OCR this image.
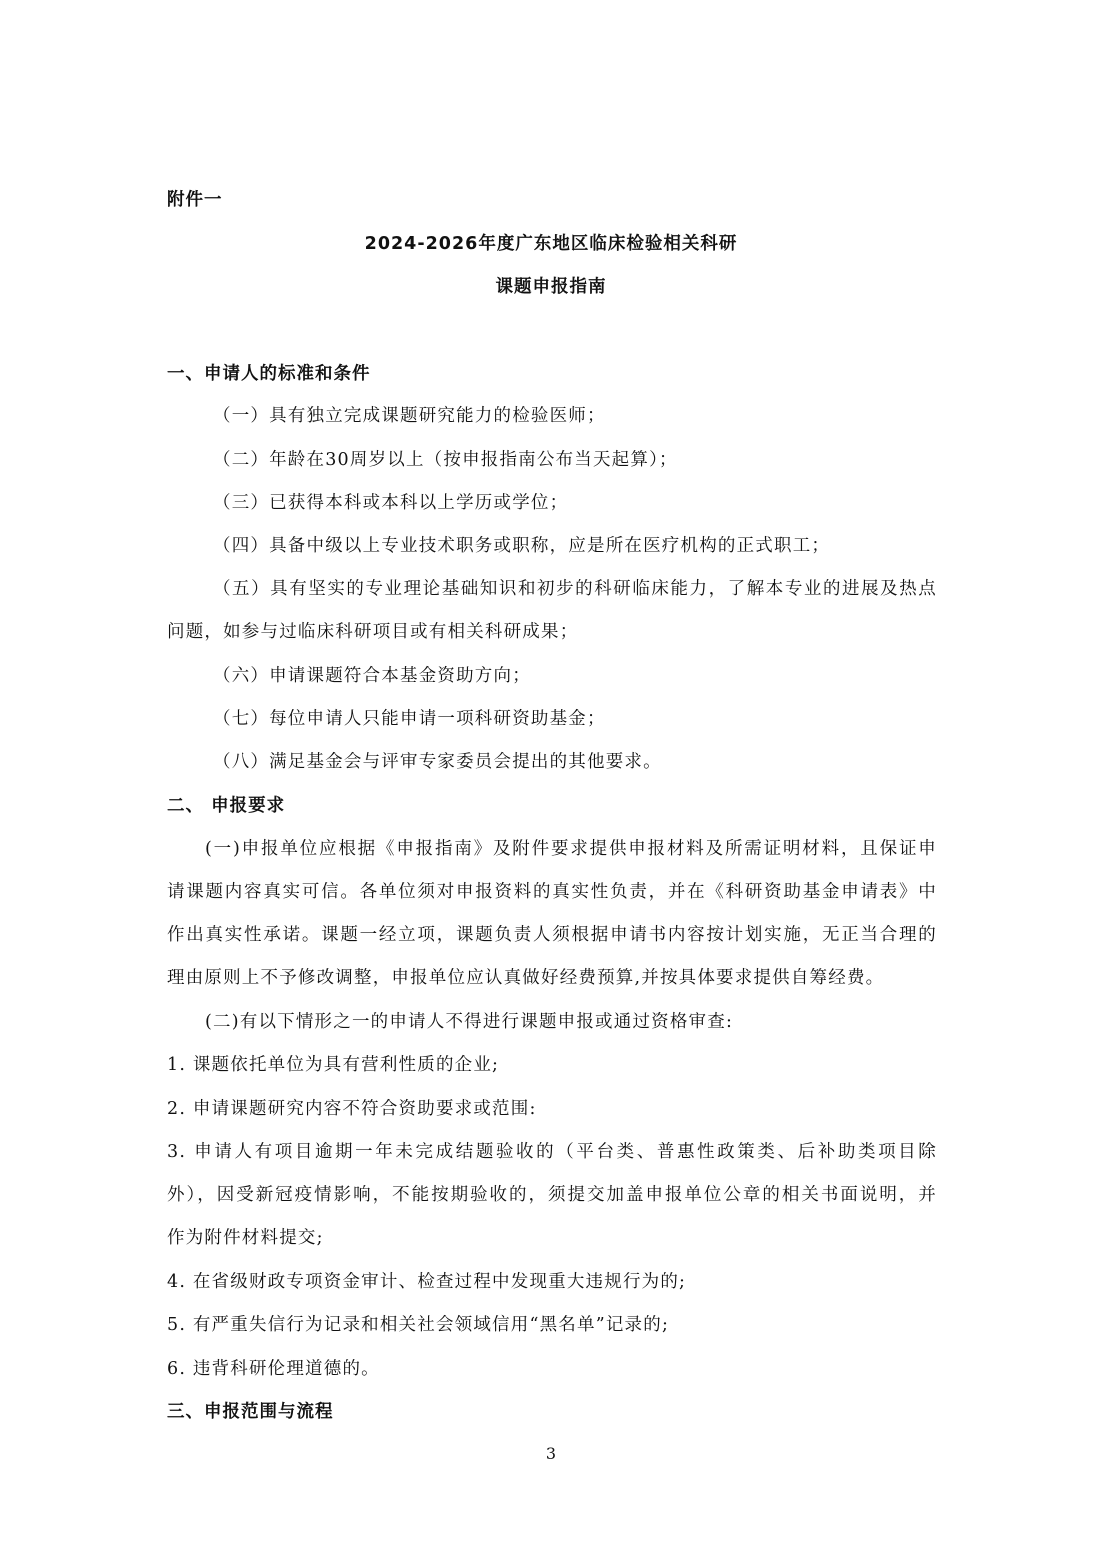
附件一
2024-2026年度广东地区临床检验相关科研
课题申报指南
一、申请人的标准和条件
（一）具有独立完成课题研究能力的检验医师；
（二）年龄在30周岁以上（按申报指南公布当天起算）；
（三）已获得本科或本科以上学历或学位；
（四）具备中级以上专业技术职务或职称，应是所在医疗机构的正式职工；
（五）具有坚实的专业理论基础知识和初步的科研临床能力，了解本专业的进展及热点
问题，如参与过临床科研项目或有相关科研成果；
（六）申请课题符合本基金资助方向；
（七）每位申请人只能申请一项科研资助基金；
（八）满足基金会与评审专家委员会提出的其他要求。
二、 申报要求
(一)申报单位应根据《申报指南》及附件要求提供申报材料及所需证明材料，且保证申
请课题内容真实可信。各单位须对申报资料的真实性负责，并在《科研资助基金申请表》中
作出真实性承诺。课题一经立项，课题负责人须根据申请书内容按计划实施，无正当合理的
理由原则上不予修改调整，申报单位应认真做好经费预算,并按具体要求提供自筹经费。
(二)有以下情形之一的申请人不得进行课题申报或通过资格审查:
1. 课题依托单位为具有营利性质的企业;
2. 申请课题研究内容不符合资助要求或范围:
3. 申请人有项目逾期一年未完成结题验收的（平台类、普惠性政策类、后补助类项目除
外），因受新冠疫情影响，不能按期验收的，须提交加盖申报单位公章的相关书面说明，并
作为附件材料提交;
4. 在省级财政专项资金审计、检查过程中发现重大违规行为的;
5. 有严重失信行为记录和相关社会领域信用“黑名单”记录的;
6. 违背科研伦理道德的。
三、申报范围与流程
3
